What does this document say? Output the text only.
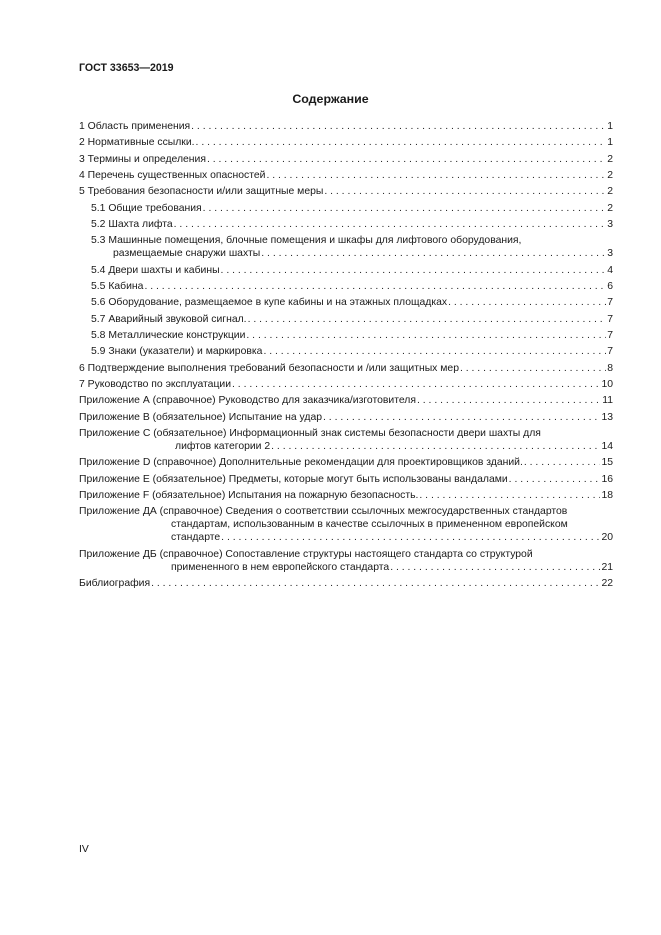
ГОСТ 33653—2019
Содержание
1 Область применения . . .	1
2 Нормативные ссылки. . . .	1
3 Термины и определения . . .	2
4 Перечень существенных опасностей . . .	2
5 Требования безопасности и/или защитные меры . . .	2
5.1 Общие требования . . .	2
5.2 Шахта лифта . . .	3
5.3 Машинные помещения, блочные помещения и шкафы для лифтового оборудования,
размещаемые снаружи шахты . . .	3
5.4 Двери шахты и кабины . . .	4
5.5 Кабина . . .	6
5.6 Оборудование, размещаемое в купе кабины и на этажных площадках . . .	7
5.7 Аварийный звуковой сигнал. . . .	7
5.8 Металлические конструкции . . .	7
5.9 Знаки (указатели) и маркировка . . .	7
6 Подтверждение выполнения требований безопасности и /или защитных мер . . .	8
7 Руководство по эксплуатации . . .	10
Приложение А (справочное) Руководство для заказчика/изготовителя . . .	11
Приложение В (обязательное) Испытание на удар . . .	13
Приложение С (обязательное) Информационный знак системы безопасности двери шахты для
лифтов категории 2 . . .	14
Приложение D (справочное) Дополнительные рекомендации для проектировщиков зданий. . . .	15
Приложение Е (обязательное) Предметы, которые могут быть использованы вандалами . . .	16
Приложение F (обязательное) Испытания на пожарную безопасность. . . .	18
Приложение ДА (справочное) Сведения о соответствии ссылочных межгосударственных стандартов
стандартам, использованным в качестве ссылочных в примененном европейском
стандарте . . .	20
Приложение ДБ (справочное) Сопоставление структуры настоящего стандарта со структурой
примененного в нем европейского стандарта . . .	21
Библиография . . .	22
IV
